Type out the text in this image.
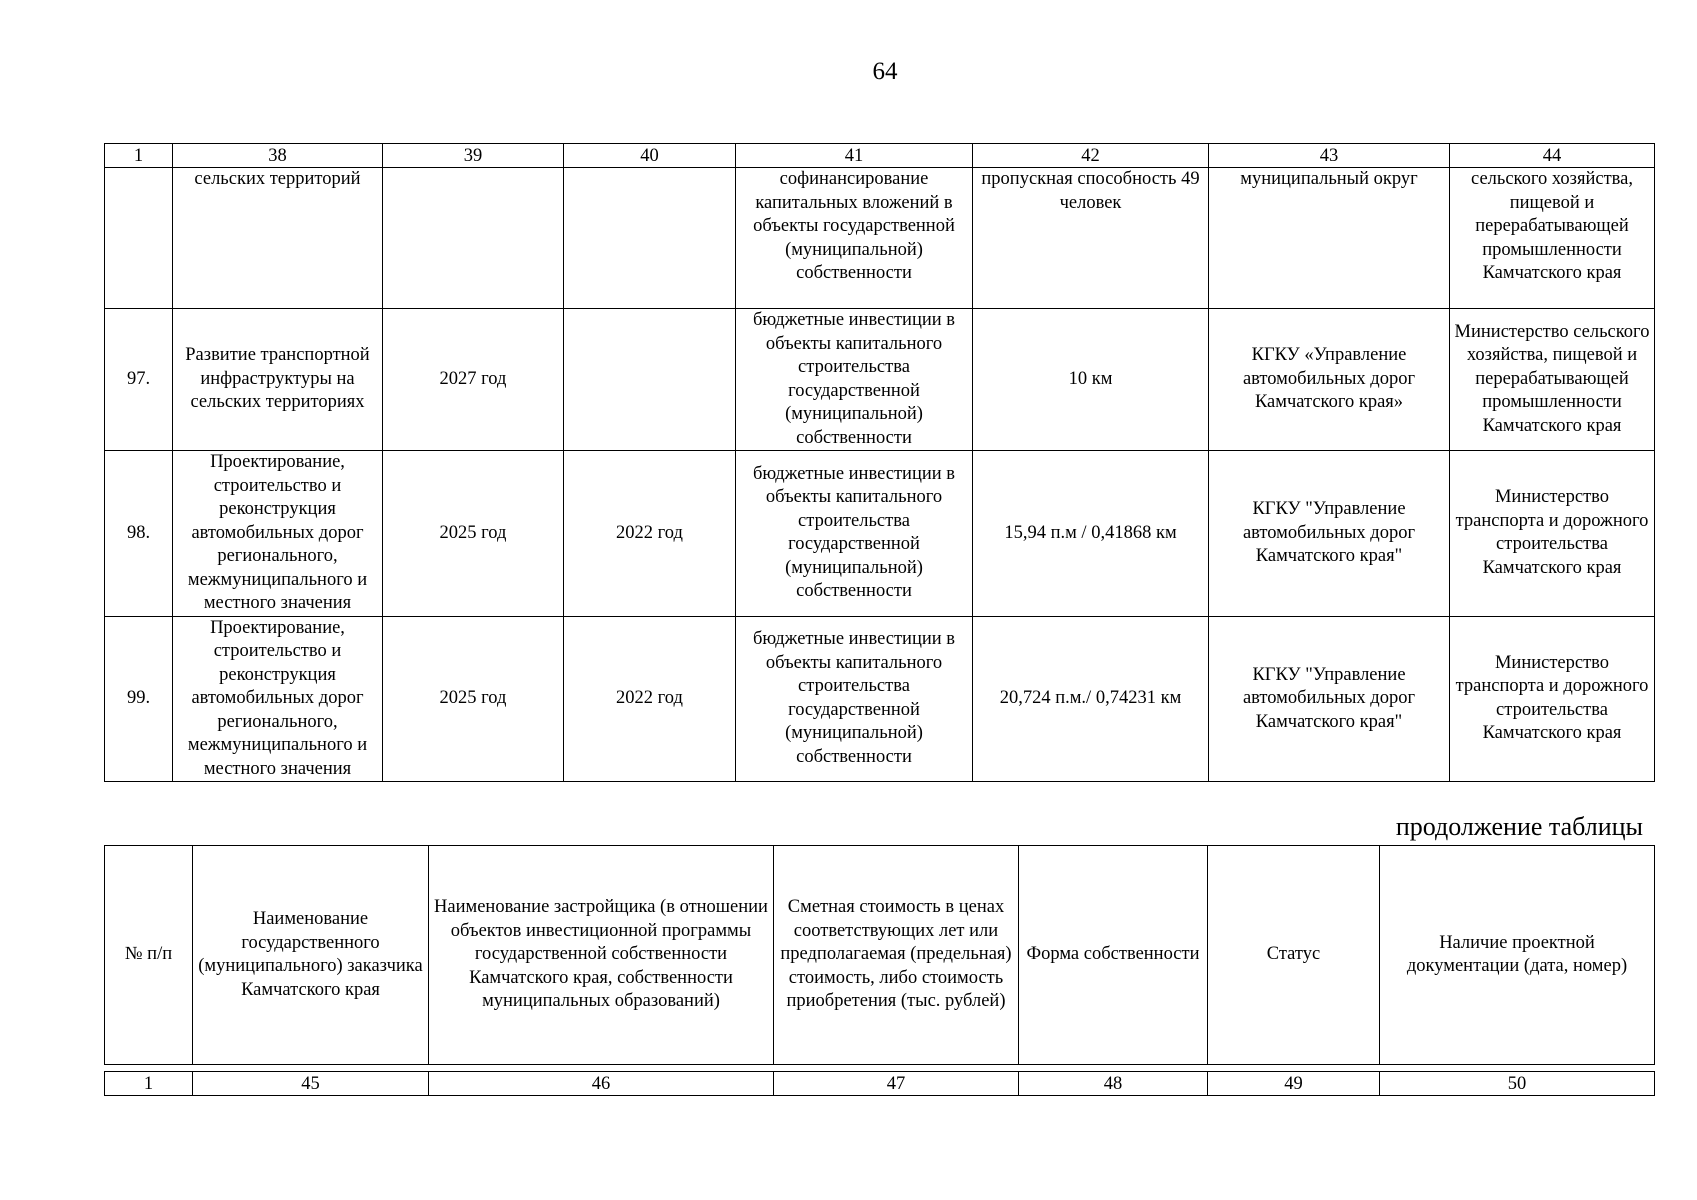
64
1	38	39	40	41	42	43	44
	сельских территорий			софинансирование капитальных вложений в объекты государственной (муниципальной) собственности	пропускная способность 49 человек	муниципальный округ	сельского хозяйства, пищевой и перерабатывающей промышленности Камчатского края
97.	Развитие транспортной инфраструктуры на сельских территориях	2027 год		бюджетные инвестиции в объекты капитального строительства государственной (муниципальной) собственности	10 км	КГКУ «Управление автомобильных дорог Камчатского края»	Министерство сельского хозяйства, пищевой и перерабатывающей промышленности Камчатского края
98.	Проектирование, строительство и реконструкция автомобильных дорог регионального, межмуниципального и местного значения	2025 год	2022 год	бюджетные инвестиции в объекты капитального строительства государственной (муниципальной) собственности	15,94 п.м / 0,41868 км	КГКУ "Управление автомобильных дорог Камчатского края"	Министерство транспорта и дорожного строительства Камчатского края
99.	Проектирование, строительство и реконструкция автомобильных дорог регионального, межмуниципального и местного значения	2025 год	2022 год	бюджетные инвестиции в объекты капитального строительства государственной (муниципальной) собственности	20,724 п.м./ 0,74231 км	КГКУ "Управление автомобильных дорог Камчатского края"	Министерство транспорта и дорожного строительства Камчатского края
продолжение таблицы
№ п/п	Наименование государственного (муниципального) заказчика Камчатского края	Наименование застройщика (в отношении объектов инвестиционной программы государственной собственности Камчатского края, собственности муниципальных образований)	Сметная стоимость в ценах соответствующих лет или предполагаемая (предельная) стоимость, либо стоимость приобретения (тыс. рублей)	Форма собственности	Статус	Наличие проектной документации (дата, номер)
1	45	46	47	48	49	50
